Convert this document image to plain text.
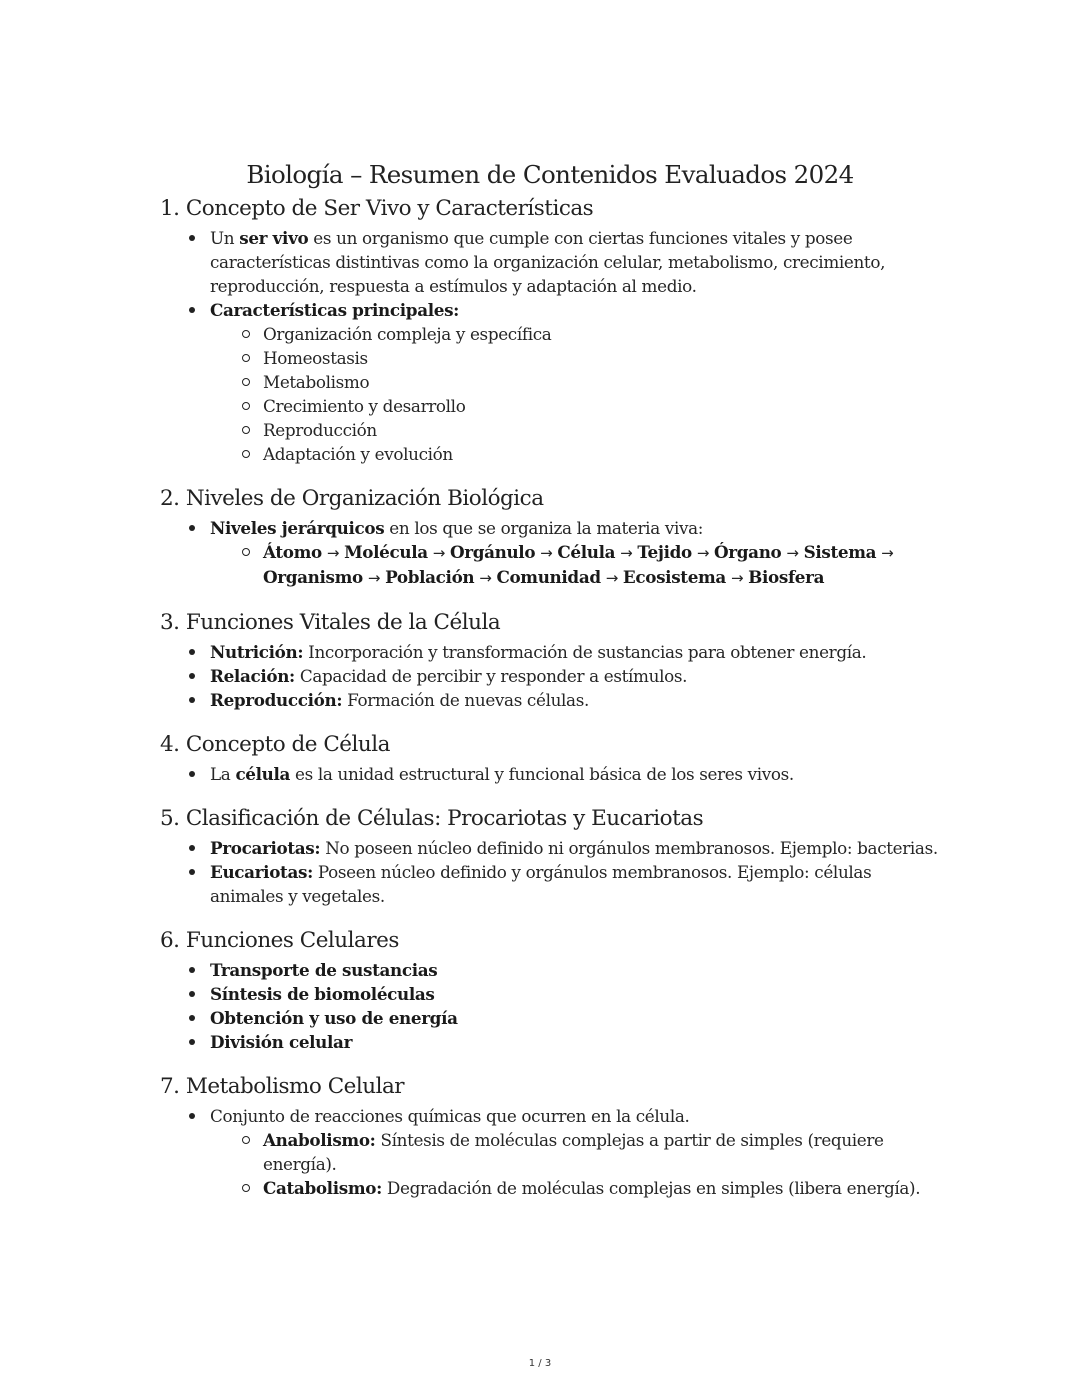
Biología – Resumen de Contenidos Evaluados 2024
1. Concepto de Ser Vivo y Características
Un ser vivo es un organismo que cumple con ciertas funciones vitales y posee características distintivas como la organización celular, metabolismo, crecimiento, reproducción, respuesta a estímulos y adaptación al medio.
Características principales:
Organización compleja y específica
Homeostasis
Metabolismo
Crecimiento y desarrollo
Reproducción
Adaptación y evolución
2. Niveles de Organización Biológica
Niveles jerárquicos en los que se organiza la materia viva:
Átomo → Molécula → Orgánulo → Célula → Tejido → Órgano → Sistema → Organismo → Población → Comunidad → Ecosistema → Biosfera
3. Funciones Vitales de la Célula
Nutrición: Incorporación y transformación de sustancias para obtener energía.
Relación: Capacidad de percibir y responder a estímulos.
Reproducción: Formación de nuevas células.
4. Concepto de Célula
La célula es la unidad estructural y funcional básica de los seres vivos.
5. Clasificación de Células: Procariotas y Eucariotas
Procariotas: No poseen núcleo definido ni orgánulos membranosos. Ejemplo: bacterias.
Eucariotas: Poseen núcleo definido y orgánulos membranosos. Ejemplo: células animales y vegetales.
6. Funciones Celulares
Transporte de sustancias
Síntesis de biomoléculas
Obtención y uso de energía
División celular
7. Metabolismo Celular
Conjunto de reacciones químicas que ocurren en la célula.
Anabolismo: Síntesis de moléculas complejas a partir de simples (requiere energía).
Catabolismo: Degradación de moléculas complejas en simples (libera energía).
1 / 3
